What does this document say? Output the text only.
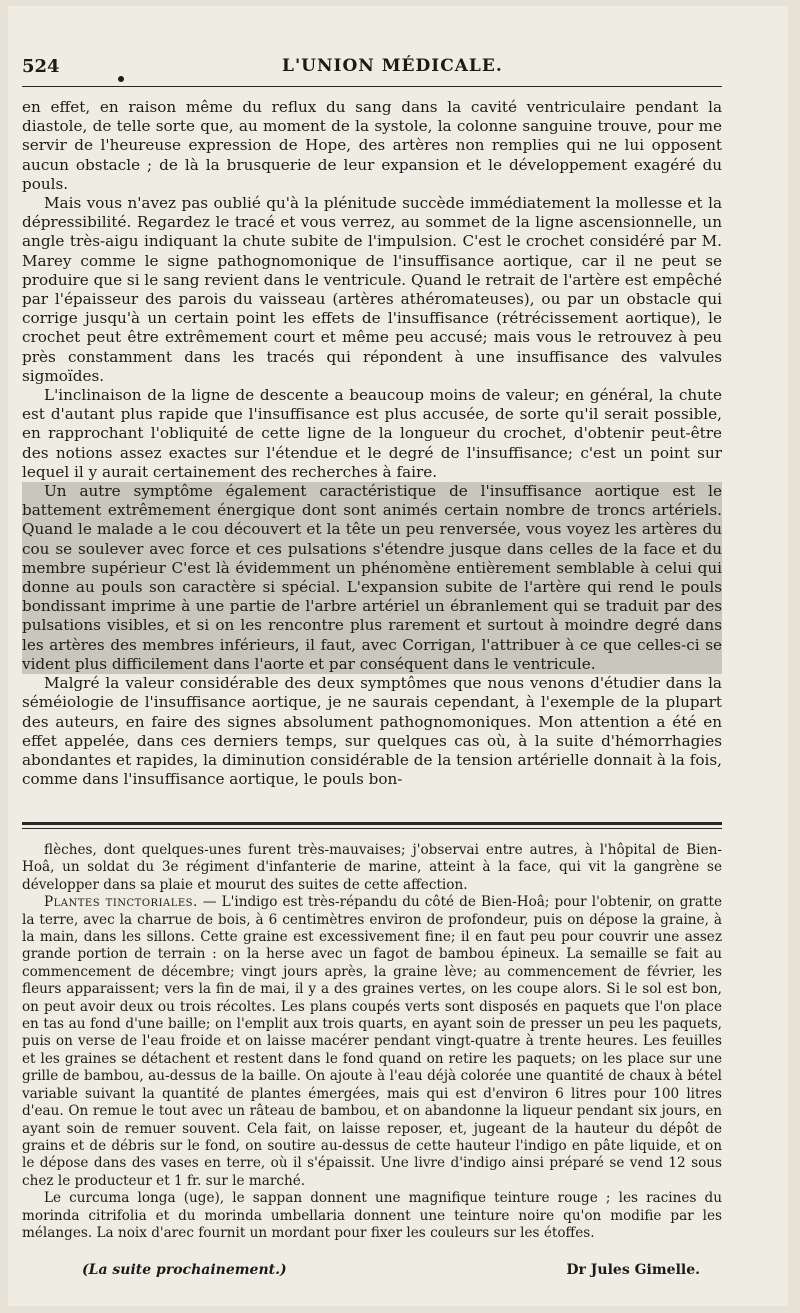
524	L'UNION MÉDICALE.

en effet, en raison même du reflux du sang dans la cavité ventriculaire pendant la diastole, de telle sorte que, au moment de la systole, la colonne sanguine trouve, pour me servir de l'heureuse expression de Hope, des artères non remplies qui ne lui opposent aucun obstacle ; de là la brusquerie de leur expansion et le développement exagéré du pouls.

Mais vous n'avez pas oublié qu'à la plénitude succède immédiatement la mollesse et la dépressibilité. Regardez le tracé et vous verrez, au sommet de la ligne ascensionnelle, un angle très-aigu indiquant la chute subite de l'impulsion. C'est le crochet considéré par M. Marey comme le signe pathognomonique de l'insuffisance aortique, car il ne peut se produire que si le sang revient dans le ventricule. Quand le retrait de l'artère est empêché par l'épaisseur des parois du vaisseau (artères athéromateuses), ou par un obstacle qui corrige jusqu'à un certain point les effets de l'insuffisance (rétrécissement aortique), le crochet peut être extrêmement court et même peu accusé; mais vous le retrouvez à peu près constamment dans les tracés qui répondent à une insuffisance des valvules sigmoïdes.

L'inclinaison de la ligne de descente a beaucoup moins de valeur; en général, la chute est d'autant plus rapide que l'insuffisance est plus accusée, de sorte qu'il serait possible, en rapprochant l'obliquité de cette ligne de la longueur du crochet, d'obtenir peut-être des notions assez exactes sur l'étendue et le degré de l'insuffisance; c'est un point sur lequel il y aurait certainement des recherches à faire.

Un autre symptôme également caractéristique de l'insuffisance aortique est le battement extrêmement énergique dont sont animés certain nombre de troncs artériels. Quand le malade a le cou découvert et la tête un peu renversée, vous voyez les artères du cou se soulever avec force et ces pulsations s'étendre jusque dans celles de la face et du membre supérieur C'est là évidemment un phénomène entièrement semblable à celui qui donne au pouls son caractère si spécial. L'expansion subite de l'artère qui rend le pouls bondissant imprime à une partie de l'arbre artériel un ébranlement qui se traduit par des pulsations visibles, et si on les rencontre plus rarement et surtout à moindre degré dans les artères des membres inférieurs, il faut, avec Corrigan, l'attribuer à ce que celles-ci se vident plus difficilement dans l'aorte et par conséquent dans le ventricule.

Malgré la valeur considérable des deux symptômes que nous venons d'étudier dans la séméiologie de l'insuffisance aortique, je ne saurais cependant, à l'exemple de la plupart des auteurs, en faire des signes absolument pathognomoniques. Mon attention a été en effet appelée, dans ces derniers temps, sur quelques cas où, à la suite d'hémorrhagies abondantes et rapides, la diminution considérable de la tension artérielle donnait à la fois, comme dans l'insuffisance aortique, le pouls bon-

flèches, dont quelques-unes furent très-mauvaises; j'observai entre autres, à l'hôpital de Bien-Hoâ, un soldat du 3e régiment d'infanterie de marine, atteint à la face, qui vit la gangrène se développer dans sa plaie et mourut des suites de cette affection.

Plantes tinctoriales. — L'indigo est très-répandu du côté de Bien-Hoâ; pour l'obtenir, on gratte la terre, avec la charrue de bois, à 6 centimètres environ de profondeur, puis on dépose la graine, à la main, dans les sillons. Cette graine est excessivement fine; il en faut peu pour couvrir une assez grande portion de terrain : on la herse avec un fagot de bambou épineux. La semaille se fait au commencement de décembre; vingt jours après, la graine lève; au commencement de février, les fleurs apparaissent; vers la fin de mai, il y a des graines vertes, on les coupe alors. Si le sol est bon, on peut avoir deux ou trois récoltes. Les plans coupés verts sont disposés en paquets que l'on place en tas au fond d'une baille; on l'emplit aux trois quarts, en ayant soin de presser un peu les paquets, puis on verse de l'eau froide et on laisse macérer pendant vingt-quatre à trente heures. Les feuilles et les graines se détachent et restent dans le fond quand on retire les paquets; on les place sur une grille de bambou, au-dessus de la baille. On ajoute à l'eau déjà colorée une quantité de chaux à bétel variable suivant la quantité de plantes émergées, mais qui est d'environ 6 litres pour 100 litres d'eau. On remue le tout avec un râteau de bambou, et on abandonne la liqueur pendant six jours, en ayant soin de remuer souvent. Cela fait, on laisse reposer, et, jugeant de la hauteur du dépôt de grains et de débris sur le fond, on soutire au-dessus de cette hauteur l'indigo en pâte liquide, et on le dépose dans des vases en terre, où il s'épaissit. Une livre d'indigo ainsi préparé se vend 12 sous chez le producteur et 1 fr. sur le marché.

Le curcuma longa (uge), le sappan donnent une magnifique teinture rouge ; les racines du morinda citrifolia et du morinda umbellaria donnent une teinture noire qu'on modifie par les mélanges. La noix d'arec fournit un mordant pour fixer les couleurs sur les étoffes.

(La suite prochainement.)	Dr Jules Gimelle.
